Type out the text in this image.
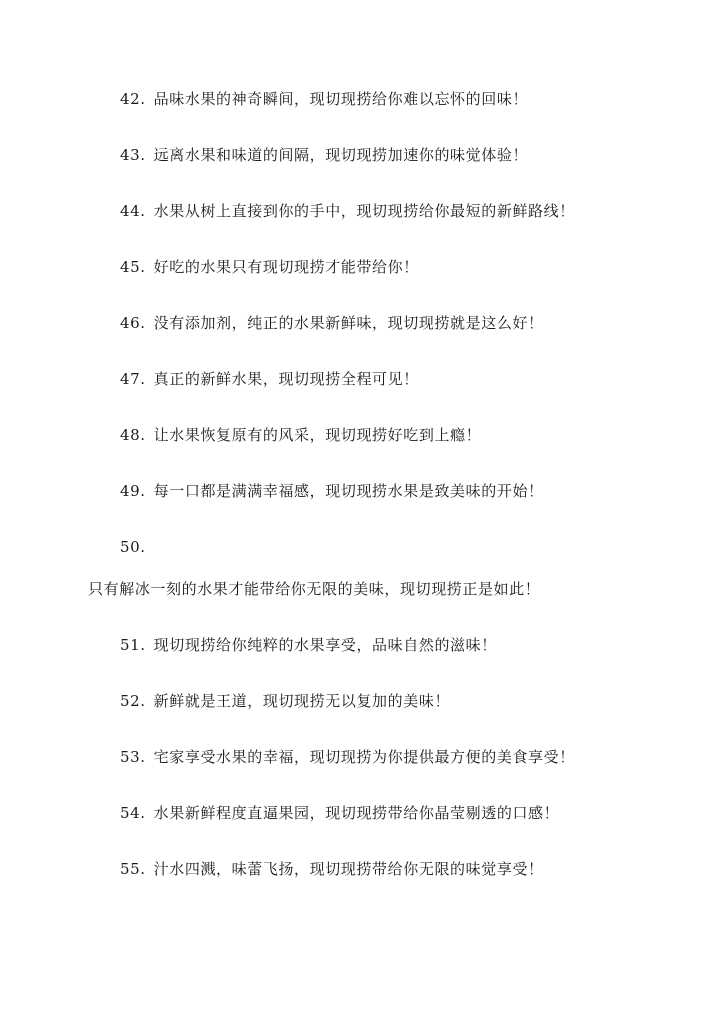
42. 品味水果的神奇瞬间，现切现捞给你难以忘怀的回味！
43. 远离水果和味道的间隔，现切现捞加速你的味觉体验！
44. 水果从树上直接到你的手中，现切现捞给你最短的新鲜路线！
45. 好吃的水果只有现切现捞才能带给你！
46. 没有添加剂，纯正的水果新鲜味，现切现捞就是这么好！
47. 真正的新鲜水果，现切现捞全程可见！
48. 让水果恢复原有的风采，现切现捞好吃到上瘾！
49. 每一口都是满满幸福感，现切现捞水果是致美味的开始！
50.
只有解冰一刻的水果才能带给你无限的美味，现切现捞正是如此！
51. 现切现捞给你纯粹的水果享受，品味自然的滋味！
52. 新鲜就是王道，现切现捞无以复加的美味！
53. 宅家享受水果的幸福，现切现捞为你提供最方便的美食享受！
54. 水果新鲜程度直逼果园，现切现捞带给你晶莹剔透的口感！
55. 汁水四溅，味蕾飞扬，现切现捞带给你无限的味觉享受！
